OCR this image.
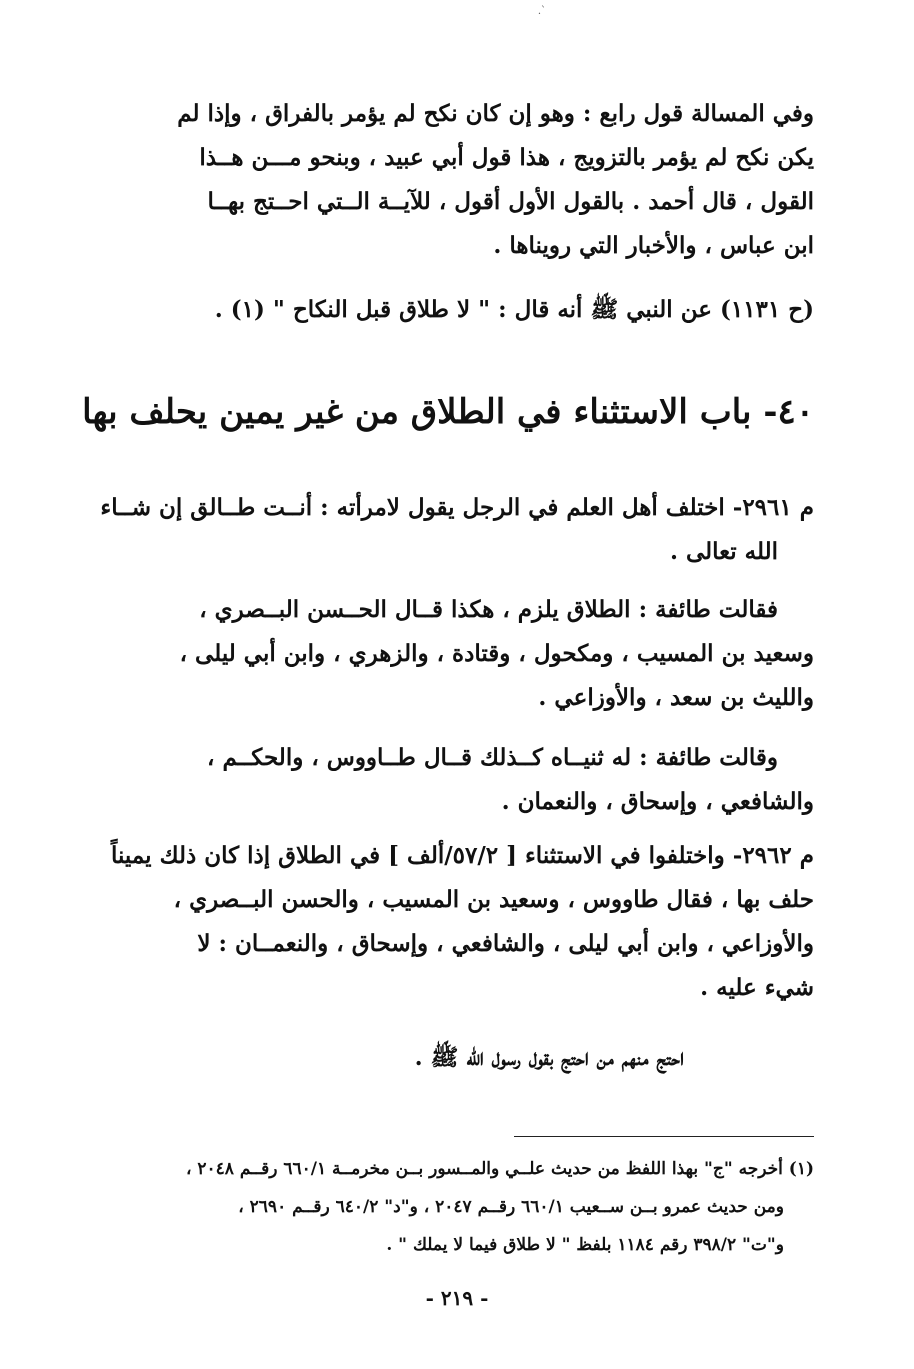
`.
وفي المسالة قول رابع : وهو إن كان نكح لم يؤمر بالفراق ، وإذا لم
يكن نكح لم يؤمر بالتزويج ، هذا قول أبي عبيد ، وبنحو مـــن هــذا
القول ، قال أحمد . بالقول الأول أقول ، للآيــة الــتي احــتج بهــا
ابن عباس ، والأخبار التي رويناها .
(ح ١١٣١) عن النبي ﷺ أنه قال : " لا طلاق قبل النكاح " (١) .
٤٠- باب الاستثناء في الطلاق من غير يمين يحلف بها
م ٢٩٦١- اختلف أهل العلم في الرجل يقول لامرأته : أنــت طــالق إن شــاء
الله تعالى .
فقالت طائفة : الطلاق يلزم ، هكذا قــال الحــسن البــصري ،
وسعيد بن المسيب ، ومكحول ، وقتادة ، والزهري ، وابن أبي ليلى ،
والليث بن سعد ، والأوزاعي .
وقالت طائفة : له ثنيــاه كــذلك قــال طــاووس ، والحكــم ،
والشافعي ، وإسحاق ، والنعمان .
م ٢٩٦٢- واختلفوا في الاستثناء [ ٥٧/٢/ألف ] في الطلاق إذا كان ذلك يميناً
حلف بها ، فقال طاووس ، وسعيد بن المسيب ، والحسن البــصري ،
والأوزاعي ، وابن أبي ليلى ، والشافعي ، وإسحاق ، والنعمــان : لا
شيء عليه .
احتج منهم من احتج بقول رسول الله ﷺ .
(١) أخرجه "ج" بهذا اللفظ من حديث علــي والمــسور بــن مخرمــة ٦٦٠/١ رقــم ٢٠٤٨ ،
ومن حديث عمرو بــن ســعيب ٦٦٠/١ رقــم ٢٠٤٧ ، و"د" ٦٤٠/٢ رقــم ٢٦٩٠ ،
و"ت" ٣٩٨/٢ رقم ١١٨٤ بلفظ " لا طلاق فيما لا يملك " .
- ٢١٩ -
